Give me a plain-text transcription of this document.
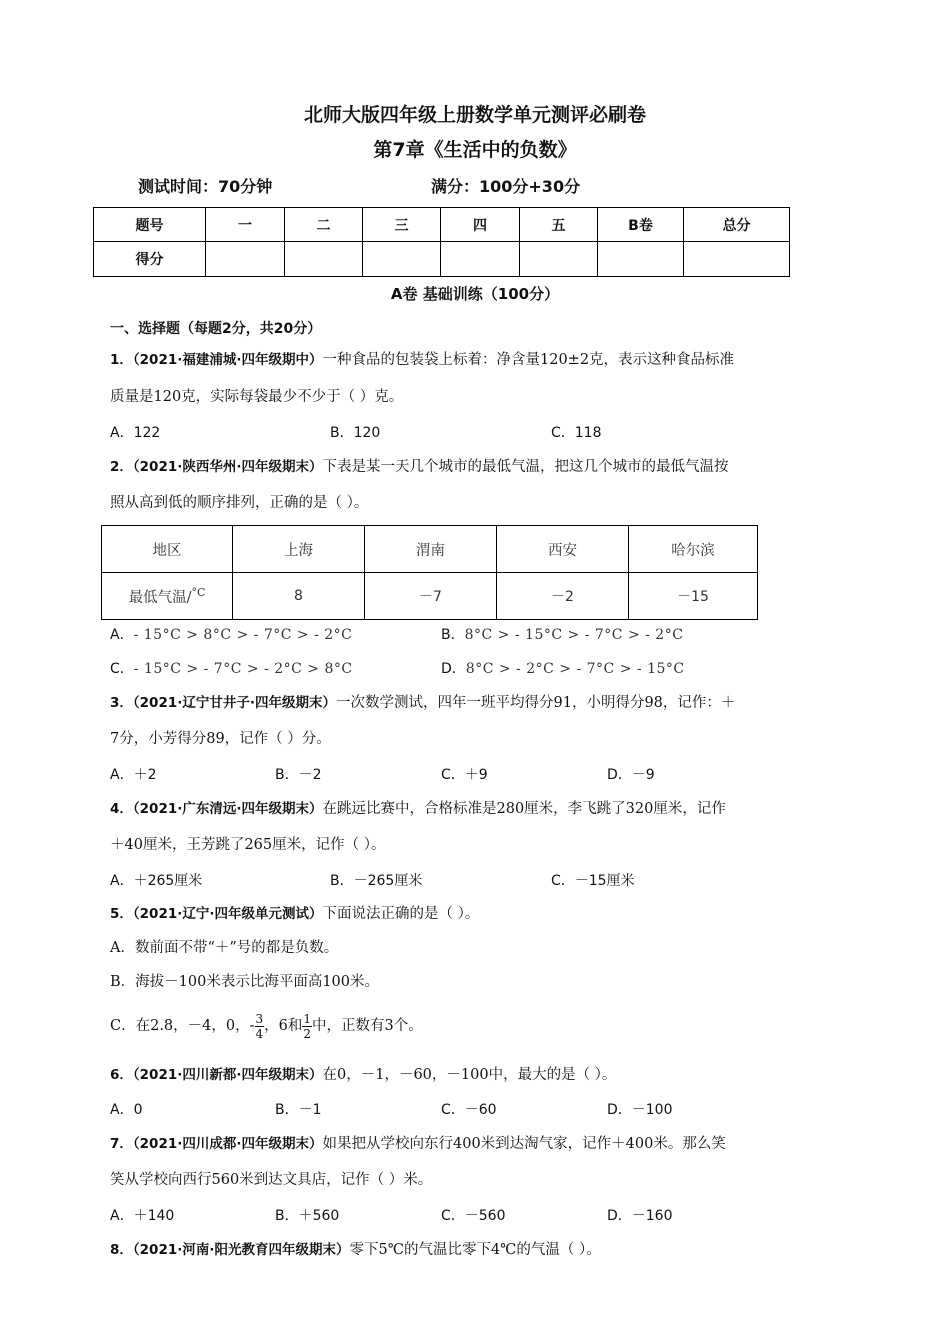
北师大版四年级上册数学单元测评必刷卷
第7章《生活中的负数》
测试时间：70分钟	满分：100分+30分
题号	一	二	三	四	五	B卷	总分
得分							
A卷 基础训练（100分）
一、选择题（每题2分，共20分）
1．（2021·福建浦城·四年级期中）一种食品的包装袋上标着：净含量120±2克，表示这种食品标准
质量是120克，实际每袋最少不少于（ ）克。
A．122	B．120	C．118
2．（2021·陕西华州·四年级期末）下表是某一天几个城市的最低气温，把这几个城市的最低气温按
照从高到低的顺序排列，正确的是（ ）。
地区	上海	渭南	西安	哈尔滨
最低气温/$^{^\circ C}$	8	－7	－2	－15
A．- 15°C > 8°C > - 7°C > - 2°C	B．8°C > - 15°C > - 7°C > - 2°C
C．- 15°C > - 7°C > - 2°C > 8°C	D．8°C > - 2°C > - 7°C > - 15°C
3．（2021·辽宁甘井子·四年级期末）一次数学测试，四年一班平均得分91，小明得分98，记作：＋
7分，小芳得分89，记作（ ）分。
A．＋2	B．－2	C．＋9	D．－9
4．（2021·广东清远·四年级期末）在跳远比赛中，合格标准是280厘米，李飞跳了320厘米，记作
＋40厘米，王芳跳了265厘米，记作（ ）。
A．＋265厘米	B．－265厘米	C．－15厘米
5．（2021·辽宁·四年级单元测试）下面说法正确的是（ ）。
A．数前面不带“＋”号的都是负数。
B．海拔－100米表示比海平面高100米。
C．在2.8，－4，0，- $\frac{3}{4}$ ，6和 $\frac{1}{2}$ 中，正数有3个。
6．（2021·四川新都·四年级期末）在0，－1，－60，－100中，最大的是（ ）。
A．0	B．－1	C．－60	D．－100
7．（2021·四川成都·四年级期末）如果把从学校向东行400米到达淘气家，记作＋400米。那么笑
笑从学校向西行560米到达文具店，记作（ ）米。
A．＋140	B．＋560	C．－560	D．－160
8．（2021·河南·阳光教育四年级期末）零下5℃的气温比零下4℃的气温（ ）。
